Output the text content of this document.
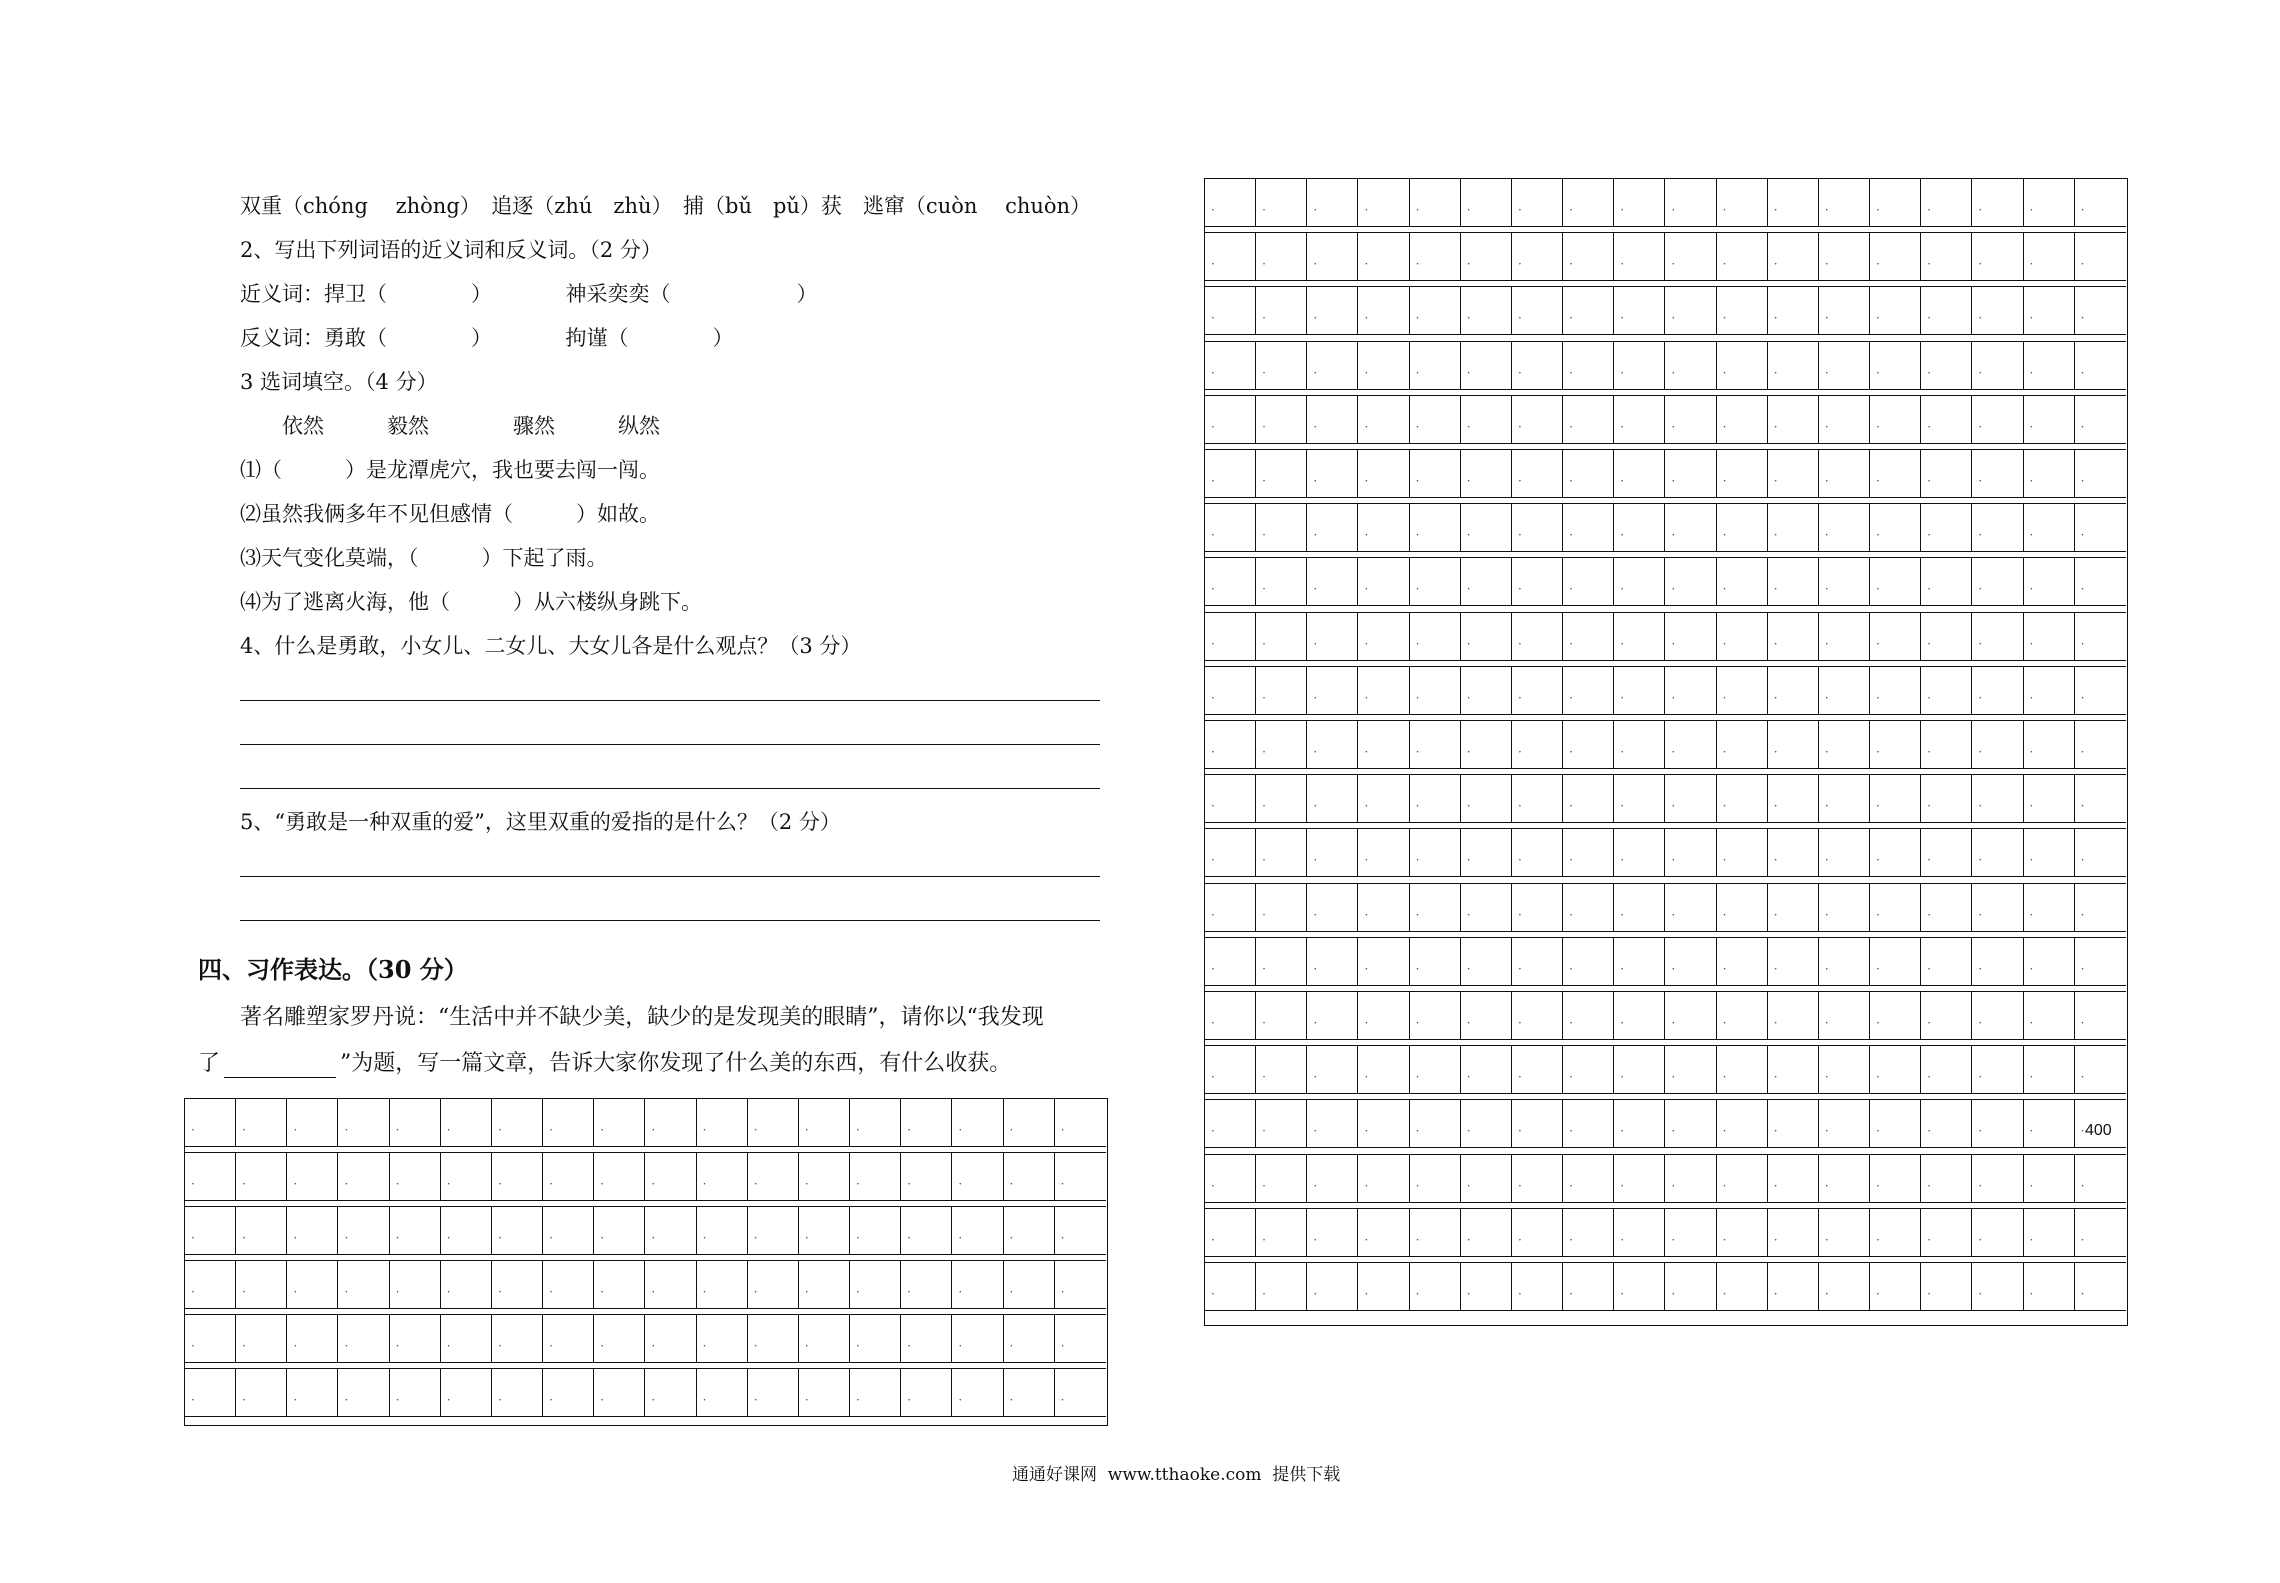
双重（chóng　 zhòng）　追逐（zhú　zhù）　捕（bǔ　pǔ）获　逃窜（cuòn　 chuòn）
2、写出下列词语的近义词和反义词。（2 分）
近义词：捍卫（　　　　）　　　　神采奕奕（　　　　　　）
反义词：勇敢（　　　　）　　　　拘谨（　　　　）
3 选词填空。（4 分）
　　依然　　　毅然　　　　骤然　　　纵然
⑴（　　　）是龙潭虎穴，我也要去闯一闯。
⑵虽然我俩多年不见但感情（　　　）如故。
⑶天气变化莫端，（　　　）下起了雨。
⑷为了逃离火海，他（　　　）从六楼纵身跳下。
4、什么是勇敢，小女儿、二女儿、大女儿各是什么观点？（3 分）
5、“勇敢是一种双重的爱”，这里双重的爱指的是什么？（2 分）
四、习作表达。（30 分）
著名雕塑家罗丹说：“生活中并不缺少美，缺少的是发现美的眼睛”，请你以“我发现
了	”为题，写一篇文章，告诉大家你发现了什么美的东西，有什么收获。
·
·
·
·
·
·
·
·
·
·
·
·
·
·
·
·
·
·
·
·
·
·
·
·
·
·
·
·
·
·
·
·
·
·
·
·
·
·
·
·
·
·
·
·
·
·
·
·
·
·
·
·
·
·
·
·
·
·
·
·
·
·
·
·
·
·
·
·
·
·
·
·
·
·
·
·
·
·
·
·
·
·
·
·
·
·
·
·
·
·
·
·
·
·
·
·
·
·
·
·
·
·
·
·
·
·
·
·
·
·
·
·
·
·
·
·
·
·
·
·
·
·
·
·
·
·
·
·
·
·
·
·
·
·
·
·
·
·
·
·
·
·
·
·
·
·
·
·
·
·
·
·
·
·
·
·
·
·
·
·
·
·
·
·
·
·
·
·
·
·
·
·
·
·
·
·
·
·
·
·
·
·
·
·
·
·
·
·
·
·
·
·
·
·
·
·
·
·
·
·
·
·
·
·
·
·
·
·
·
·
·
·
·
·
·
·
·
·
·
·
·
·
·
·
·
·
·
·
·
·
·
·
·
·
·
·
·
·
·
·
·
·
·
·
·
·
·
·
·
·
·
·
·
·
·
·
·
·
·
·
·
·
·
·
·
·
·
·
·
·
·
·
·
·
·
·
·
·
·
·
·
·
·
·
·
·
·
·
·
·
·
·
·
·
·
·
·
·
·
·
·
·
·
·
·
·
·
·
·
·
·
·
·
·
·
·
·
·
·
·
·
·
·
·
·
·
·
·
·
·
·
·
·
·
·
·
·
·
·
·
·
·
·
·
·
·
·
·
·
·
·
·
·
·
·
·
·
·
·
·
·
·
·
·
·
·
·
·
·
·
·
·
·
·
·
·
·
·
·
·
·
·
·
·
·
·
·
·
·
·
·
·
·
·
·
·
·
·
·
·
·
·
·
·
·
·
·
·
·
·
·
·
·
·
·
·
·
·
·
·
·
·
·
·
·
·
·
·
·
·
·
·
·
·
·
·
·
·
·
·
·
·
·
·
·
·
·
·
·
·
·
·
·
·
·
·
·
·
·
·
·
·
·
·
·
·
·
·
·
·
·
·
·
·
·
·
·
·
·
·
·
·
·
·
·
·
400
通通好课网  www.tthaoke.com  提供下载
